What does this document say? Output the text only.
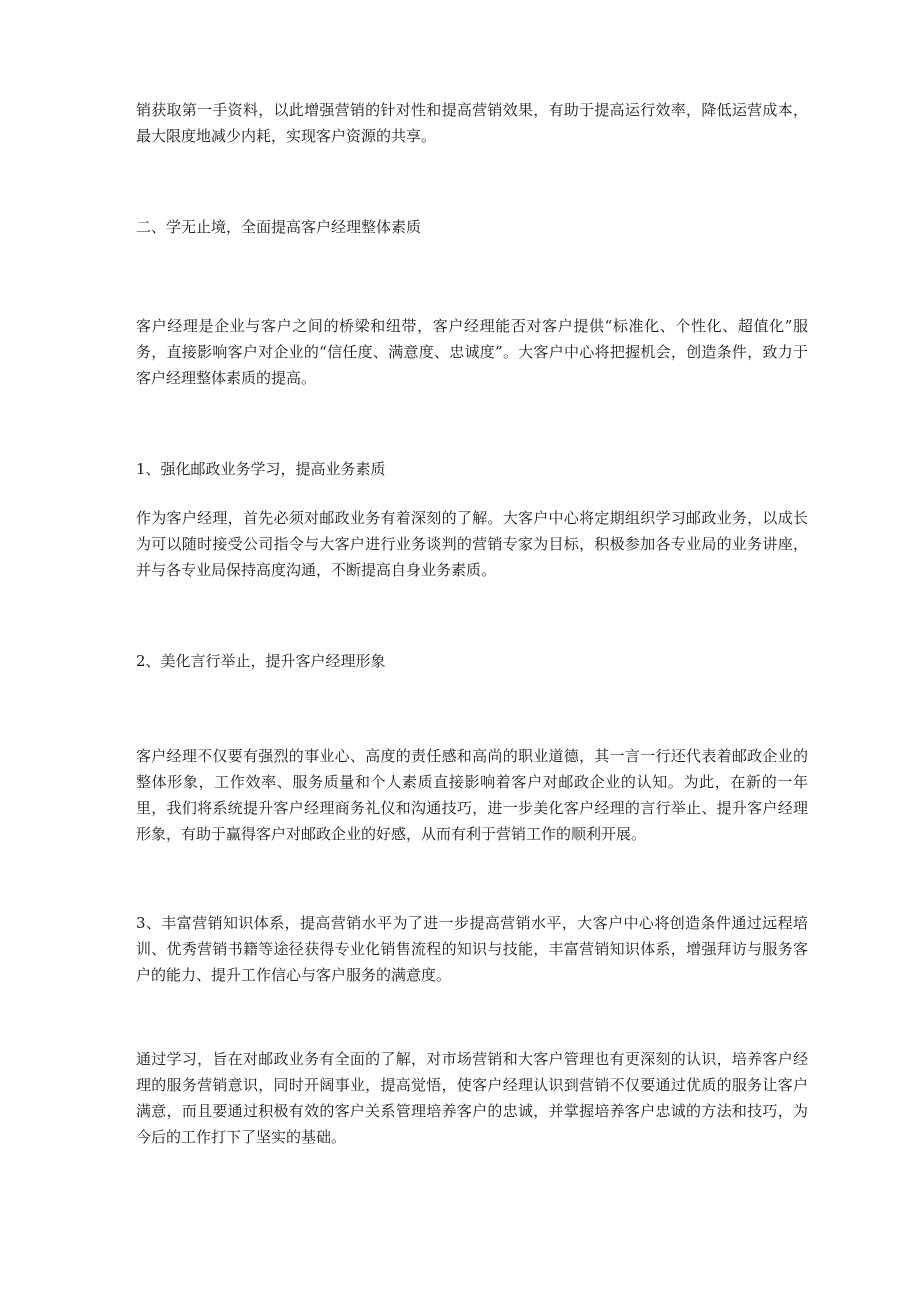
销获取第一手资料，以此增强营销的针对性和提高营销效果，有助于提高运行效率，降低运营成本，最大限度地减少内耗，实现客户资源的共享。

二、学无止境，全面提高客户经理整体素质

客户经理是企业与客户之间的桥梁和纽带，客户经理能否对客户提供“标准化、个性化、超值化”服务，直接影响客户对企业的“信任度、满意度、忠诚度”。大客户中心将把握机会，创造条件，致力于客户经理整体素质的提高。

1、强化邮政业务学习，提高业务素质

作为客户经理，首先必须对邮政业务有着深刻的了解。大客户中心将定期组织学习邮政业务，以成长为可以随时接受公司指令与大客户进行业务谈判的营销专家为目标，积极参加各专业局的业务讲座，并与各专业局保持高度沟通，不断提高自身业务素质。

2、美化言行举止，提升客户经理形象

客户经理不仅要有强烈的事业心、高度的责任感和高尚的职业道德，其一言一行还代表着邮政企业的整体形象，工作效率、服务质量和个人素质直接影响着客户对邮政企业的认知。为此，在新的一年里，我们将系统提升客户经理商务礼仪和沟通技巧，进一步美化客户经理的言行举止、提升客户经理形象，有助于赢得客户对邮政企业的好感，从而有利于营销工作的顺利开展。

3、丰富营销知识体系，提高营销水平为了进一步提高营销水平，大客户中心将创造条件通过远程培训、优秀营销书籍等途径获得专业化销售流程的知识与技能，丰富营销知识体系，增强拜访与服务客户的能力、提升工作信心与客户服务的满意度。

通过学习，旨在对邮政业务有全面的了解，对市场营销和大客户管理也有更深刻的认识，培养客户经理的服务营销意识，同时开阔事业，提高觉悟，使客户经理认识到营销不仅要通过优质的服务让客户满意，而且要通过积极有效的客户关系管理培养客户的忠诚，并掌握培养客户忠诚的方法和技巧，为今后的工作打下了坚实的基础。
